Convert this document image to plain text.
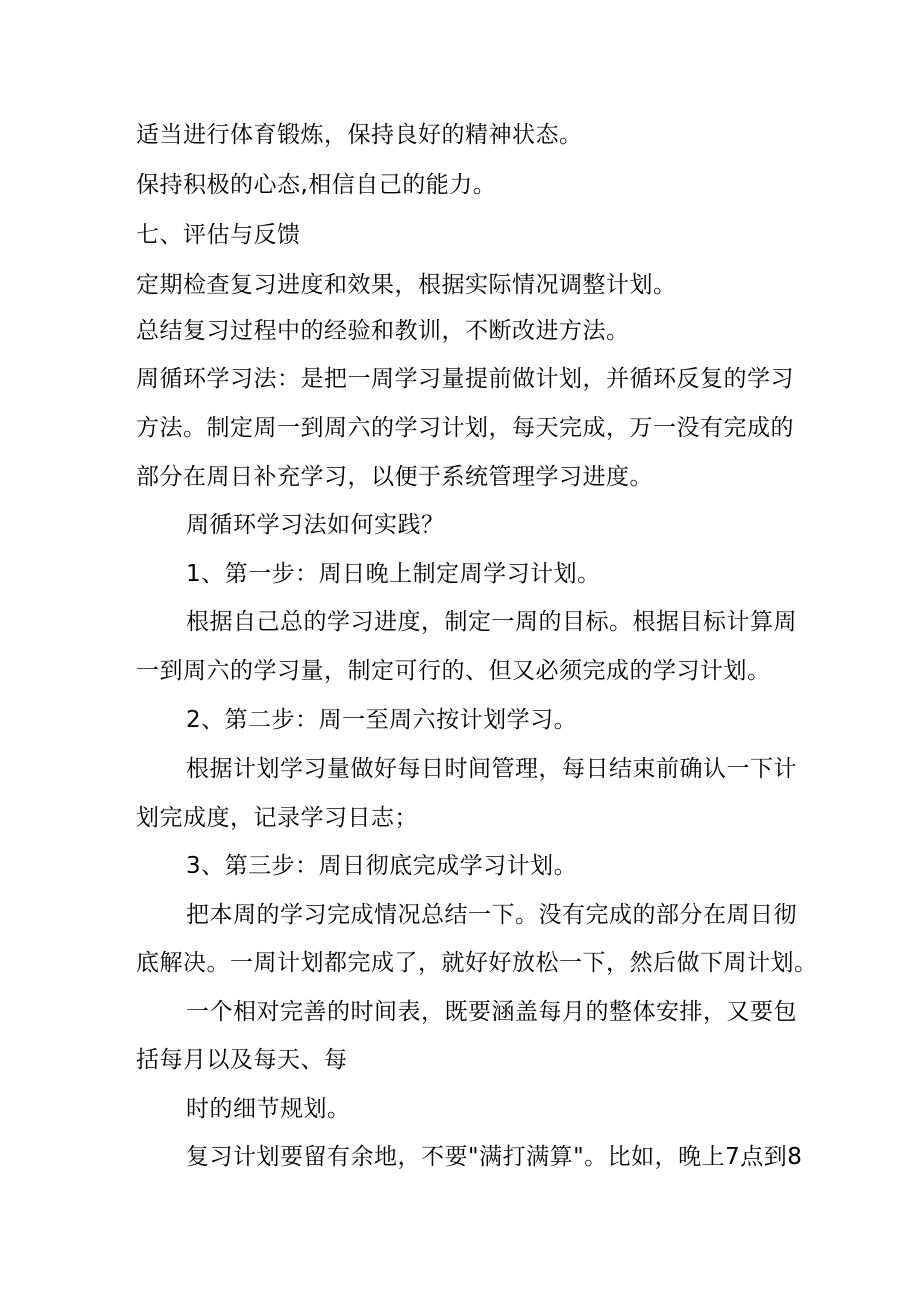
适当进行体育锻炼，保持良好的精神状态。
保持积极的心态,相信自己的能力。
七、评估与反馈
定期检查复习进度和效果，根据实际情况调整计划。
总结复习过程中的经验和教训，不断改进方法。
周循环学习法：是把一周学习量提前做计划，并循环反复的学习
方法。制定周一到周六的学习计划，每天完成，万一没有完成的
部分在周日补充学习，以便于系统管理学习进度。
周循环学习法如何实践？
1、第一步：周日晚上制定周学习计划。
根据自己总的学习进度，制定一周的目标。根据目标计算周
一到周六的学习量，制定可行的、但又必须完成的学习计划。
2、第二步：周一至周六按计划学习。
根据计划学习量做好每日时间管理，每日结束前确认一下计
划完成度，记录学习日志；
3、第三步：周日彻底完成学习计划。
把本周的学习完成情况总结一下。没有完成的部分在周日彻
底解决。一周计划都完成了，就好好放松一下，然后做下周计划。
一个相对完善的时间表，既要涵盖每月的整体安排，又要包
括每月以及每天、每
时的细节规划。
复习计划要留有余地，不要"满打满算"。比如，晚上7点到8
